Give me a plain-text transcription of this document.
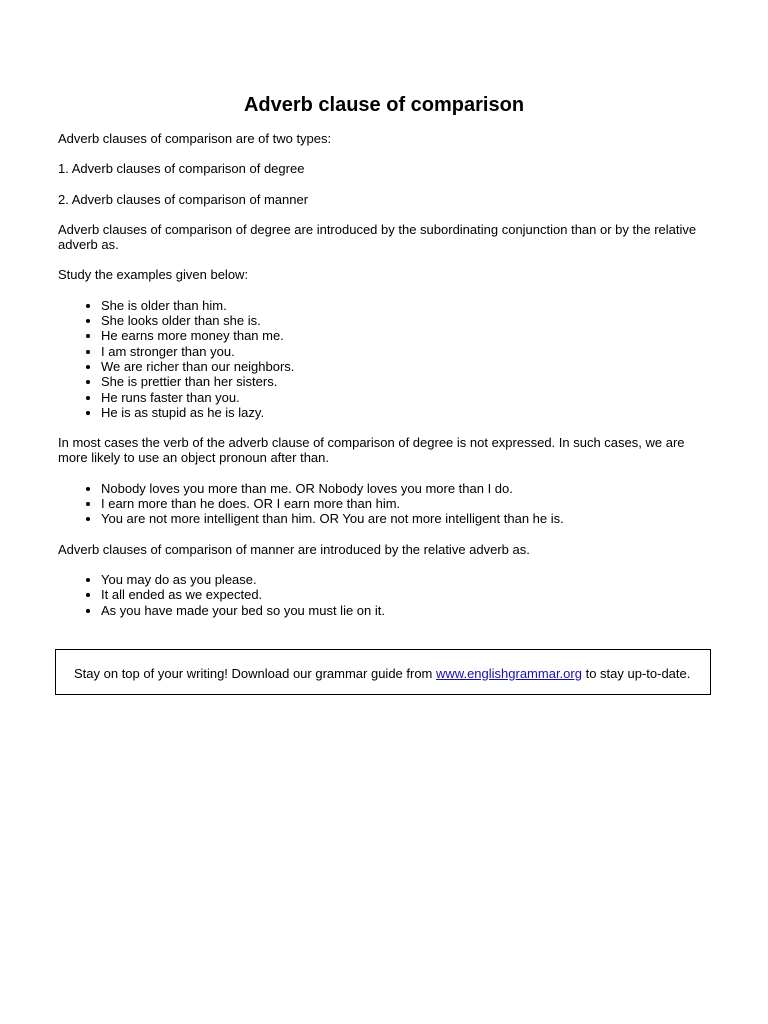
Adverb clause of comparison

Adverb clauses of comparison are of two types:

1. Adverb clauses of comparison of degree

2. Adverb clauses of comparison of manner

Adverb clauses of comparison of degree are introduced by the subordinating conjunction than or by the relative adverb as.

Study the examples given below:

• She is older than him.
• She looks older than she is.
• He earns more money than me.
• I am stronger than you.
• We are richer than our neighbors.
• She is prettier than her sisters.
• He runs faster than you.
• He is as stupid as he is lazy.

In most cases the verb of the adverb clause of comparison of degree is not expressed. In such cases, we are more likely to use an object pronoun after than.

• Nobody loves you more than me. OR Nobody loves you more than I do.
• I earn more than he does. OR I earn more than him.
• You are not more intelligent than him. OR You are not more intelligent than he is.

Adverb clauses of comparison of manner are introduced by the relative adverb as.

• You may do as you please.
• It all ended as we expected.
• As you have made your bed so you must lie on it.
Stay on top of your writing! Download our grammar guide from www.englishgrammar.org to stay up-to-date.
